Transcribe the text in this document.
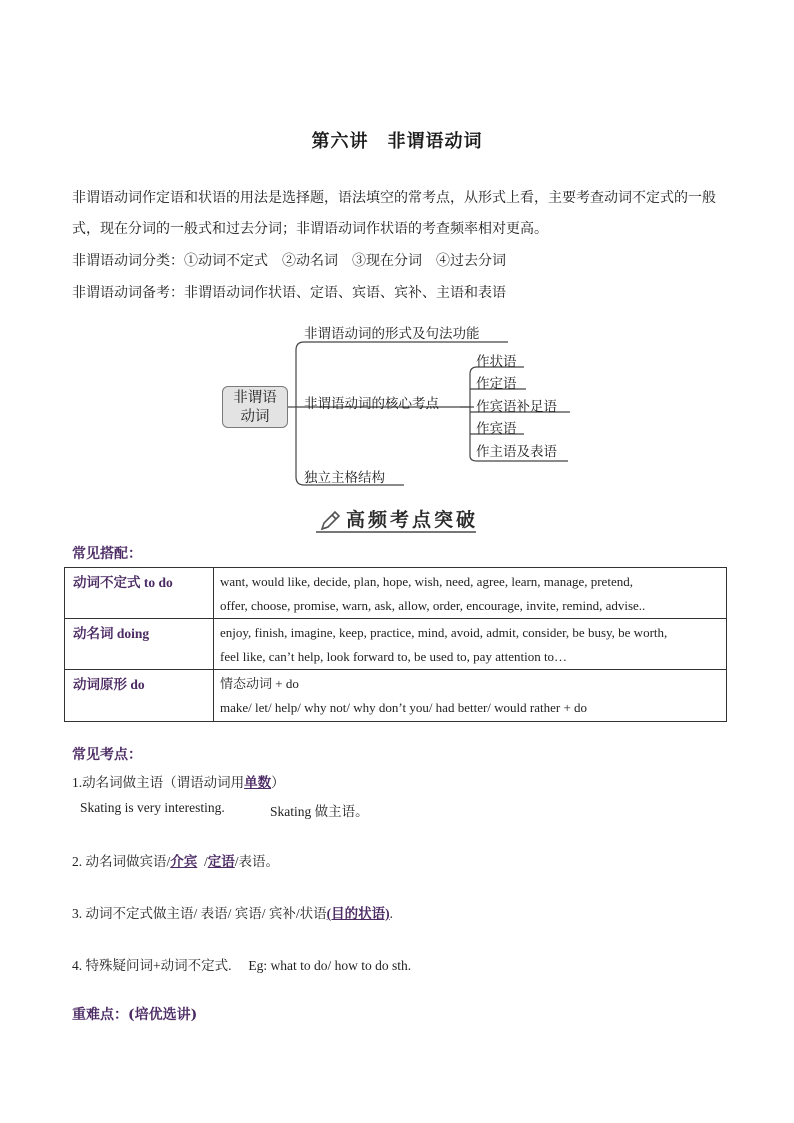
第六讲　非谓语动词
非谓语动词作定语和状语的用法是选择题，语法填空的常考点，从形式上看，主要考查动词不定式的一般
式，现在分词的一般式和过去分词；非谓语动词作状语的考查频率相对更高。
非谓语动词分类：①动词不定式　②动名词　③现在分词　④过去分词
非谓语动词备考：非谓语动词作状语、定语、宾语、宾补、主语和表语
非谓语
动词
非谓语动词的形式及句法功能
非谓语动词的核心考点
独立主格结构
作状语
作定语
作宾语补足语
作宾语
作主语及表语
高频考点突破
常见搭配：
动词不定式 to do	want, would like, decide, plan, hope, wish, need, agree, learn, manage, pretend,
offer, choose, promise, warn, ask, allow, order, encourage, invite, remind, advise..

动名词 doing	enjoy, finish, imagine, keep, practice, mind, avoid, admit, consider, be busy, be worth,
feel like, can’t help, look forward to, be used to, pay attention to…

动词原形 do	情态动词 + do
make/ let/ help/ why not/ why don’t you/ had better/ would rather + do
常见考点：
1.动名词做主语（谓语动词用单数）
Skating is very interesting.	Skating 做主语。
2. 动名词做宾语/介宾  /定语/表语。
3. 动词不定式做主语/ 表语/ 宾语/ 宾补/状语(目的状语).
4. 特殊疑问词+动词不定式.     Eg: what to do/ how to do sth.
重难点：(培优选讲)
